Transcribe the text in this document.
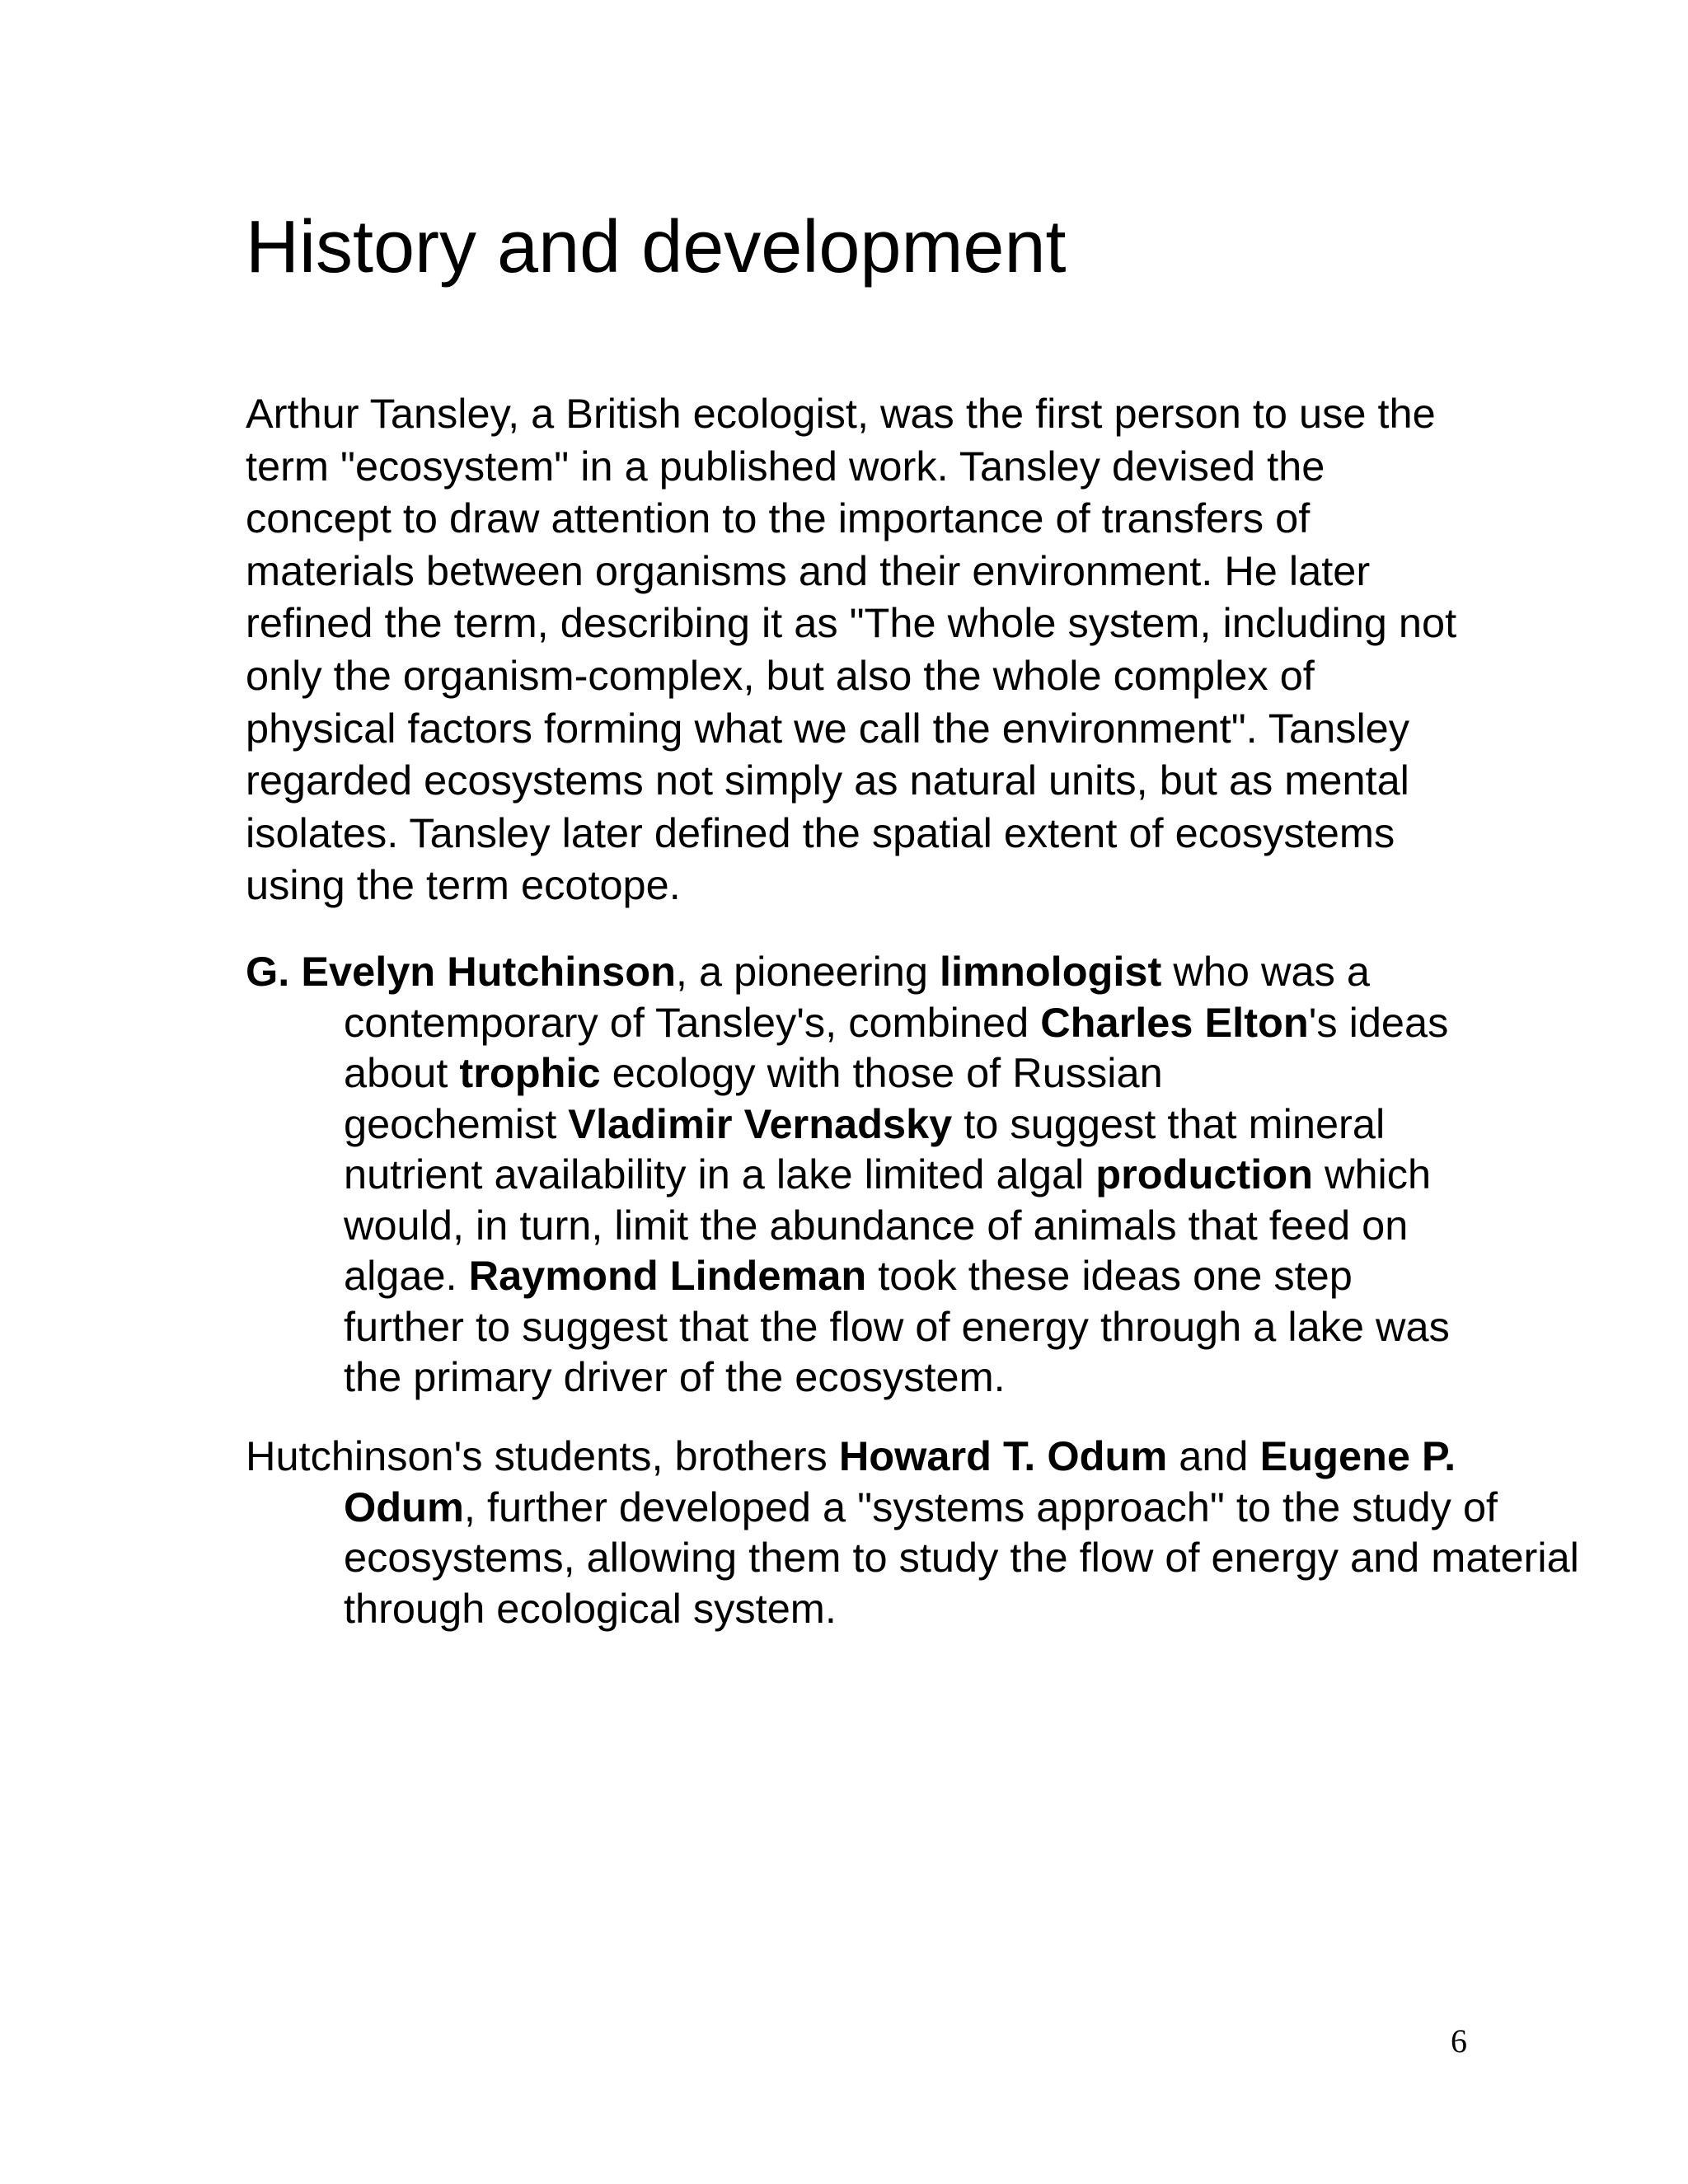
History and development
Arthur Tansley, a British ecologist, was the first person to use the
term "ecosystem" in a published work. Tansley devised the
concept to draw attention to the importance of transfers of
materials between organisms and their environment. He later
refined the term, describing it as "The whole system, including not
only the organism-complex, but also the whole complex of
physical factors forming what we call the environment". Tansley
regarded ecosystems not simply as natural units, but as mental
isolates. Tansley later defined the spatial extent of ecosystems
using the term ecotope.
G. Evelyn Hutchinson, a pioneering limnologist who was a
contemporary of Tansley's, combined Charles Elton's ideas
about trophic ecology with those of Russian
geochemist Vladimir Vernadsky to suggest that mineral
nutrient availability in a lake limited algal production which
would, in turn, limit the abundance of animals that feed on
algae. Raymond Lindeman took these ideas one step
further to suggest that the flow of energy through a lake was
the primary driver of the ecosystem.
Hutchinson's students, brothers Howard T. Odum and Eugene P.
Odum, further developed a "systems approach" to the study of
ecosystems, allowing them to study the flow of energy and material
through ecological system.
6
